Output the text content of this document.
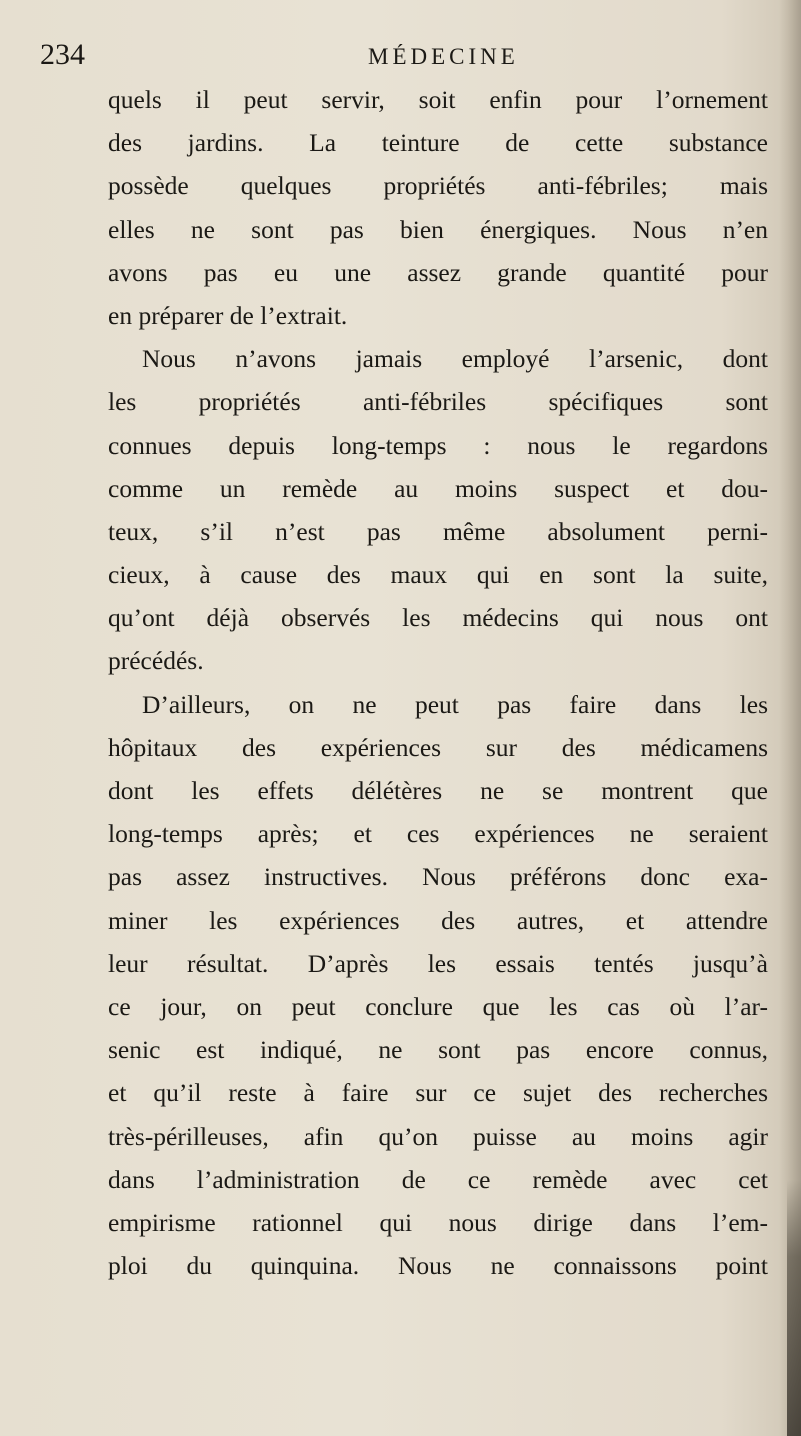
234	MÉDECINE
quels il peut servir, soit enfin pour l’ornement
des jardins. La teinture de cette substance
possède quelques propriétés anti-fébriles; mais
elles ne sont pas bien énergiques. Nous n’en
avons pas eu une assez grande quantité pour
en préparer de l’extrait.
Nous n’avons jamais employé l’arsenic, dont
les propriétés anti-fébriles spécifiques sont
connues depuis long-temps : nous le regardons
comme un remède au moins suspect et dou-
teux, s’il n’est pas même absolument perni-
cieux, à cause des maux qui en sont la suite,
qu’ont déjà observés les médecins qui nous ont
précédés.
D’ailleurs, on ne peut pas faire dans les
hôpitaux des expériences sur des médicamens
dont les effets délétères ne se montrent que
long-temps après; et ces expériences ne seraient
pas assez instructives. Nous préférons donc exa-
miner les expériences des autres, et attendre
leur résultat. D’après les essais tentés jusqu’à
ce jour, on peut conclure que les cas où l’ar-
senic est indiqué, ne sont pas encore connus,
et qu’il reste à faire sur ce sujet des recherches
très-périlleuses, afin qu’on puisse au moins agir
dans l’administration de ce remède avec cet
empirisme rationnel qui nous dirige dans l’em-
ploi du quinquina. Nous ne connaissons point
